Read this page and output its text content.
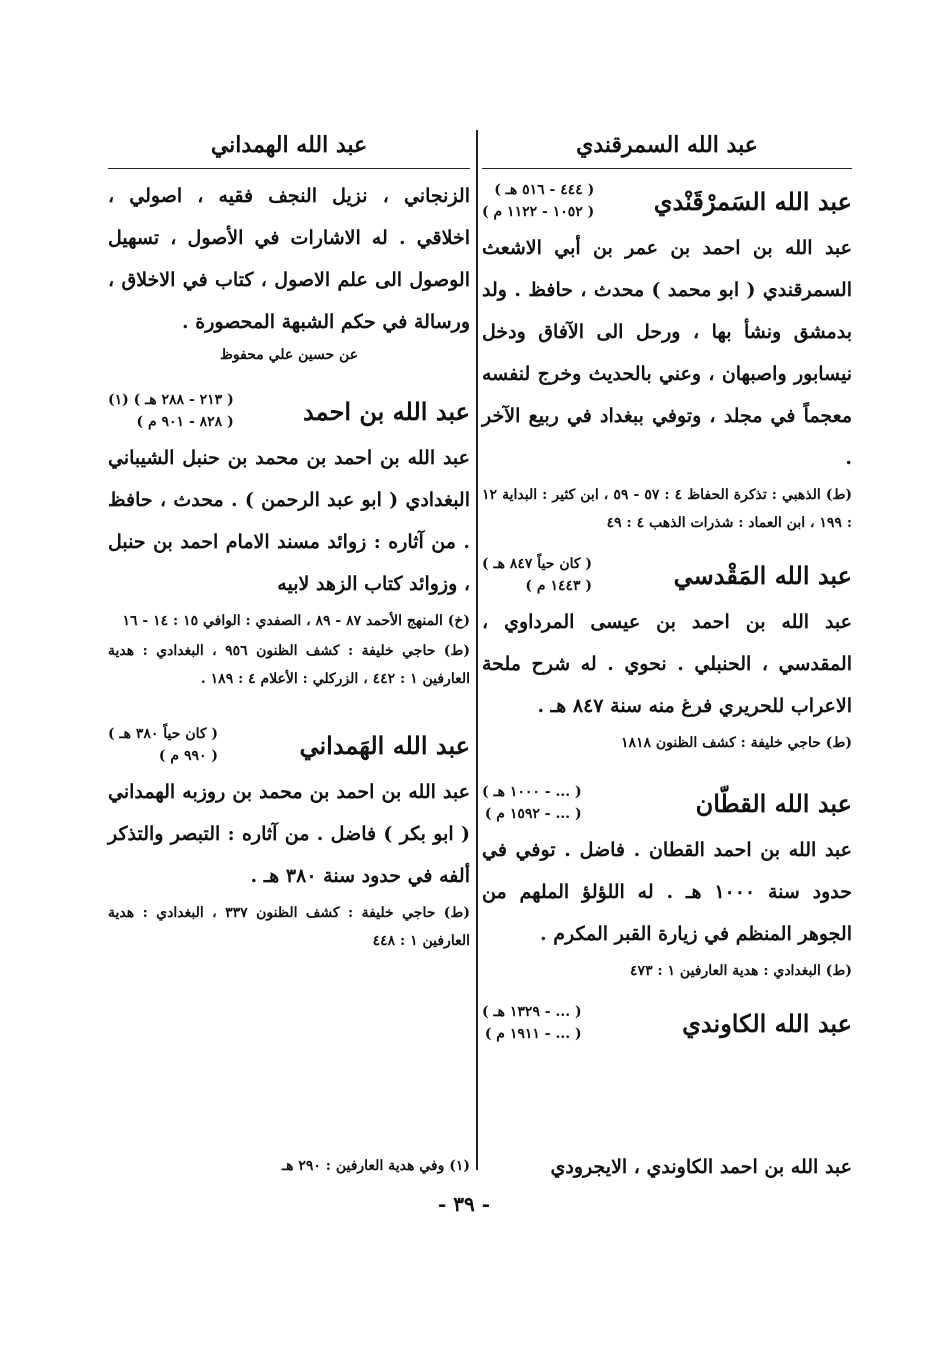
عبد الله السمرقندي
عبد الله السَمرْقَنْدي
( ٤٤٤ - ٥١٦ هـ )
( ١٠٥٢ - ١١٢٢ م )
عبد الله بن احمد بن عمر بن أبي الاشعث السمرقندي ( ابو محمد ) محدث ، حافظ . ولد بدمشق ونشأ بها ، ورحل الى الآفاق ودخل نيسابور واصبهان ، وعني بالحديث وخرج لنفسه معجماً في مجلد ، وتوفي ببغداد في ربيع الآخر .
(ط) الذهبي : تذكرة الحفاظ ٤ : ٥٧ - ٥٩ ، ابن كثير : البداية ١٢ : ١٩٩ ، ابن العماد : شذرات الذهب ٤ : ٤٩
عبد الله المَقْدسي
( كان حياً ٨٤٧ هـ )
( ١٤٤٣ م )
عبد الله بن احمد بن عيسى المرداوي ، المقدسي ، الحنبلي . نحوي . له شرح ملحة الاعراب للحريري فرغ منه سنة ٨٤٧ هـ .
(ط) حاجي خليفة : كشف الظنون ١٨١٨
عبد الله القطّان
( ... - ١٠٠٠ هـ )
( ... - ١٥٩٢ م )
عبد الله بن احمد القطان . فاضل . توفي في حدود سنة ١٠٠٠ هـ . له اللؤلؤ الملهم من الجوهر المنظم في زيارة القبر المكرم .
(ط) البغدادي : هدية العارفين ١ : ٤٧٣
عبد الله الكاوندي
( ... - ١٣٢٩ هـ )
( ... - ١٩١١ م )
عبد الله بن احمد الكاوندي ، الايجرودي
عبد الله الهمداني
الزنجاني ، نزيل النجف فقيه ، اصولي ، اخلاقي . له الاشارات في الأصول ، تسهيل الوصول الى علم الاصول ، كتاب في الاخلاق ، ورسالة في حكم الشبهة المحصورة .
عن حسين علي محفوظ
عبد الله بن احمد
( ٢١٣ - ٢٨٨ هـ ) (١)
( ٨٢٨ - ٩٠١ م )
عبد الله بن احمد بن محمد بن حنبل الشيباني البغدادي ( ابو عبد الرحمن ) . محدث ، حافظ . من آثاره : زوائد مسند الامام احمد بن حنبل ، وزوائد كتاب الزهد لابيه
(خ) المنهج الأحمد ٨٧ - ٨٩ ، الصفدي : الوافي ١٥ : ١٤ - ١٦
(ط) حاجي خليفة : كشف الظنون ٩٥٦ ، البغدادي : هدية العارفين ١ : ٤٤٢ ، الزركلي : الأعلام ٤ : ١٨٩ .
عبد الله الهَمداني
( كان حياً ٣٨٠ هـ )
( ٩٩٠ م )
عبد الله بن احمد بن محمد بن روزبه الهمداني ( ابو بكر ) فاضل . من آثاره : التبصر والتذكر ألفه في حدود سنة ٣٨٠ هـ .
(ط) حاجي خليفة : كشف الظنون ٣٣٧ ، البغدادي : هدية العارفين ١ : ٤٤٨
(١) وفي هدية العارفين : ٢٩٠ هـ
- ٣٩ -
